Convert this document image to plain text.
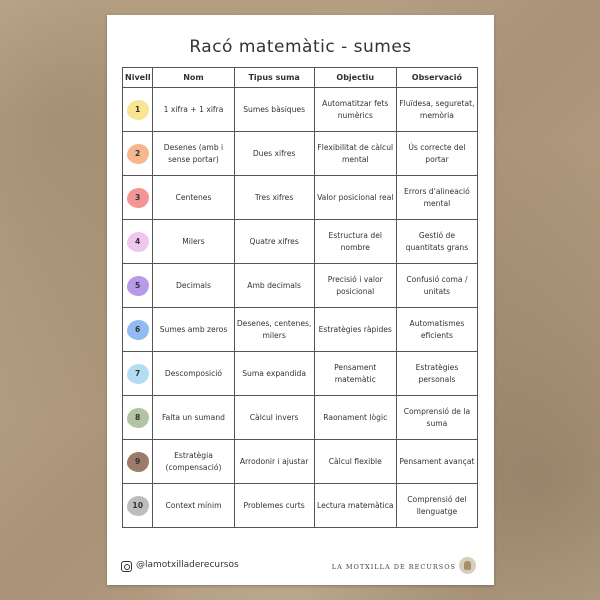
Racó matemàtic - sumes
Nivell	Nom	Tipus suma	Objectiu	Observació
1	1 xifra + 1 xifra	Sumes bàsiques	Automatitzar fets numèrics	Fluïdesa, seguretat, memòria
2	Desenes (amb i sense portar)	Dues xifres	Flexibilitat de càlcul mental	Ús correcte del portar
3	Centenes	Tres xifres	Valor posicional real	Errors d'alineació mental
4	Milers	Quatre xifres	Estructura del nombre	Gestió de quantitats grans
5	Decimals	Amb decimals	Precisió i valor posicional	Confusió coma / unitats
6	Sumes amb zeros	Desenes, centenes, milers	Estratègies ràpides	Automatismes eficients
7	Descomposició	Suma expandida	Pensament matemàtic	Estratègies personals
8	Falta un sumand	Càlcul invers	Raonament lògic	Comprensió de la suma
9	Estratègia (compensació)	Arrodonir i ajustar	Càlcul flexible	Pensament avançat
10	Context mínim	Problemes curts	Lectura matemàtica	Comprensió del llenguatge
@lamotxilladerecursos	LA MOTXILLA DE RECURSOS
